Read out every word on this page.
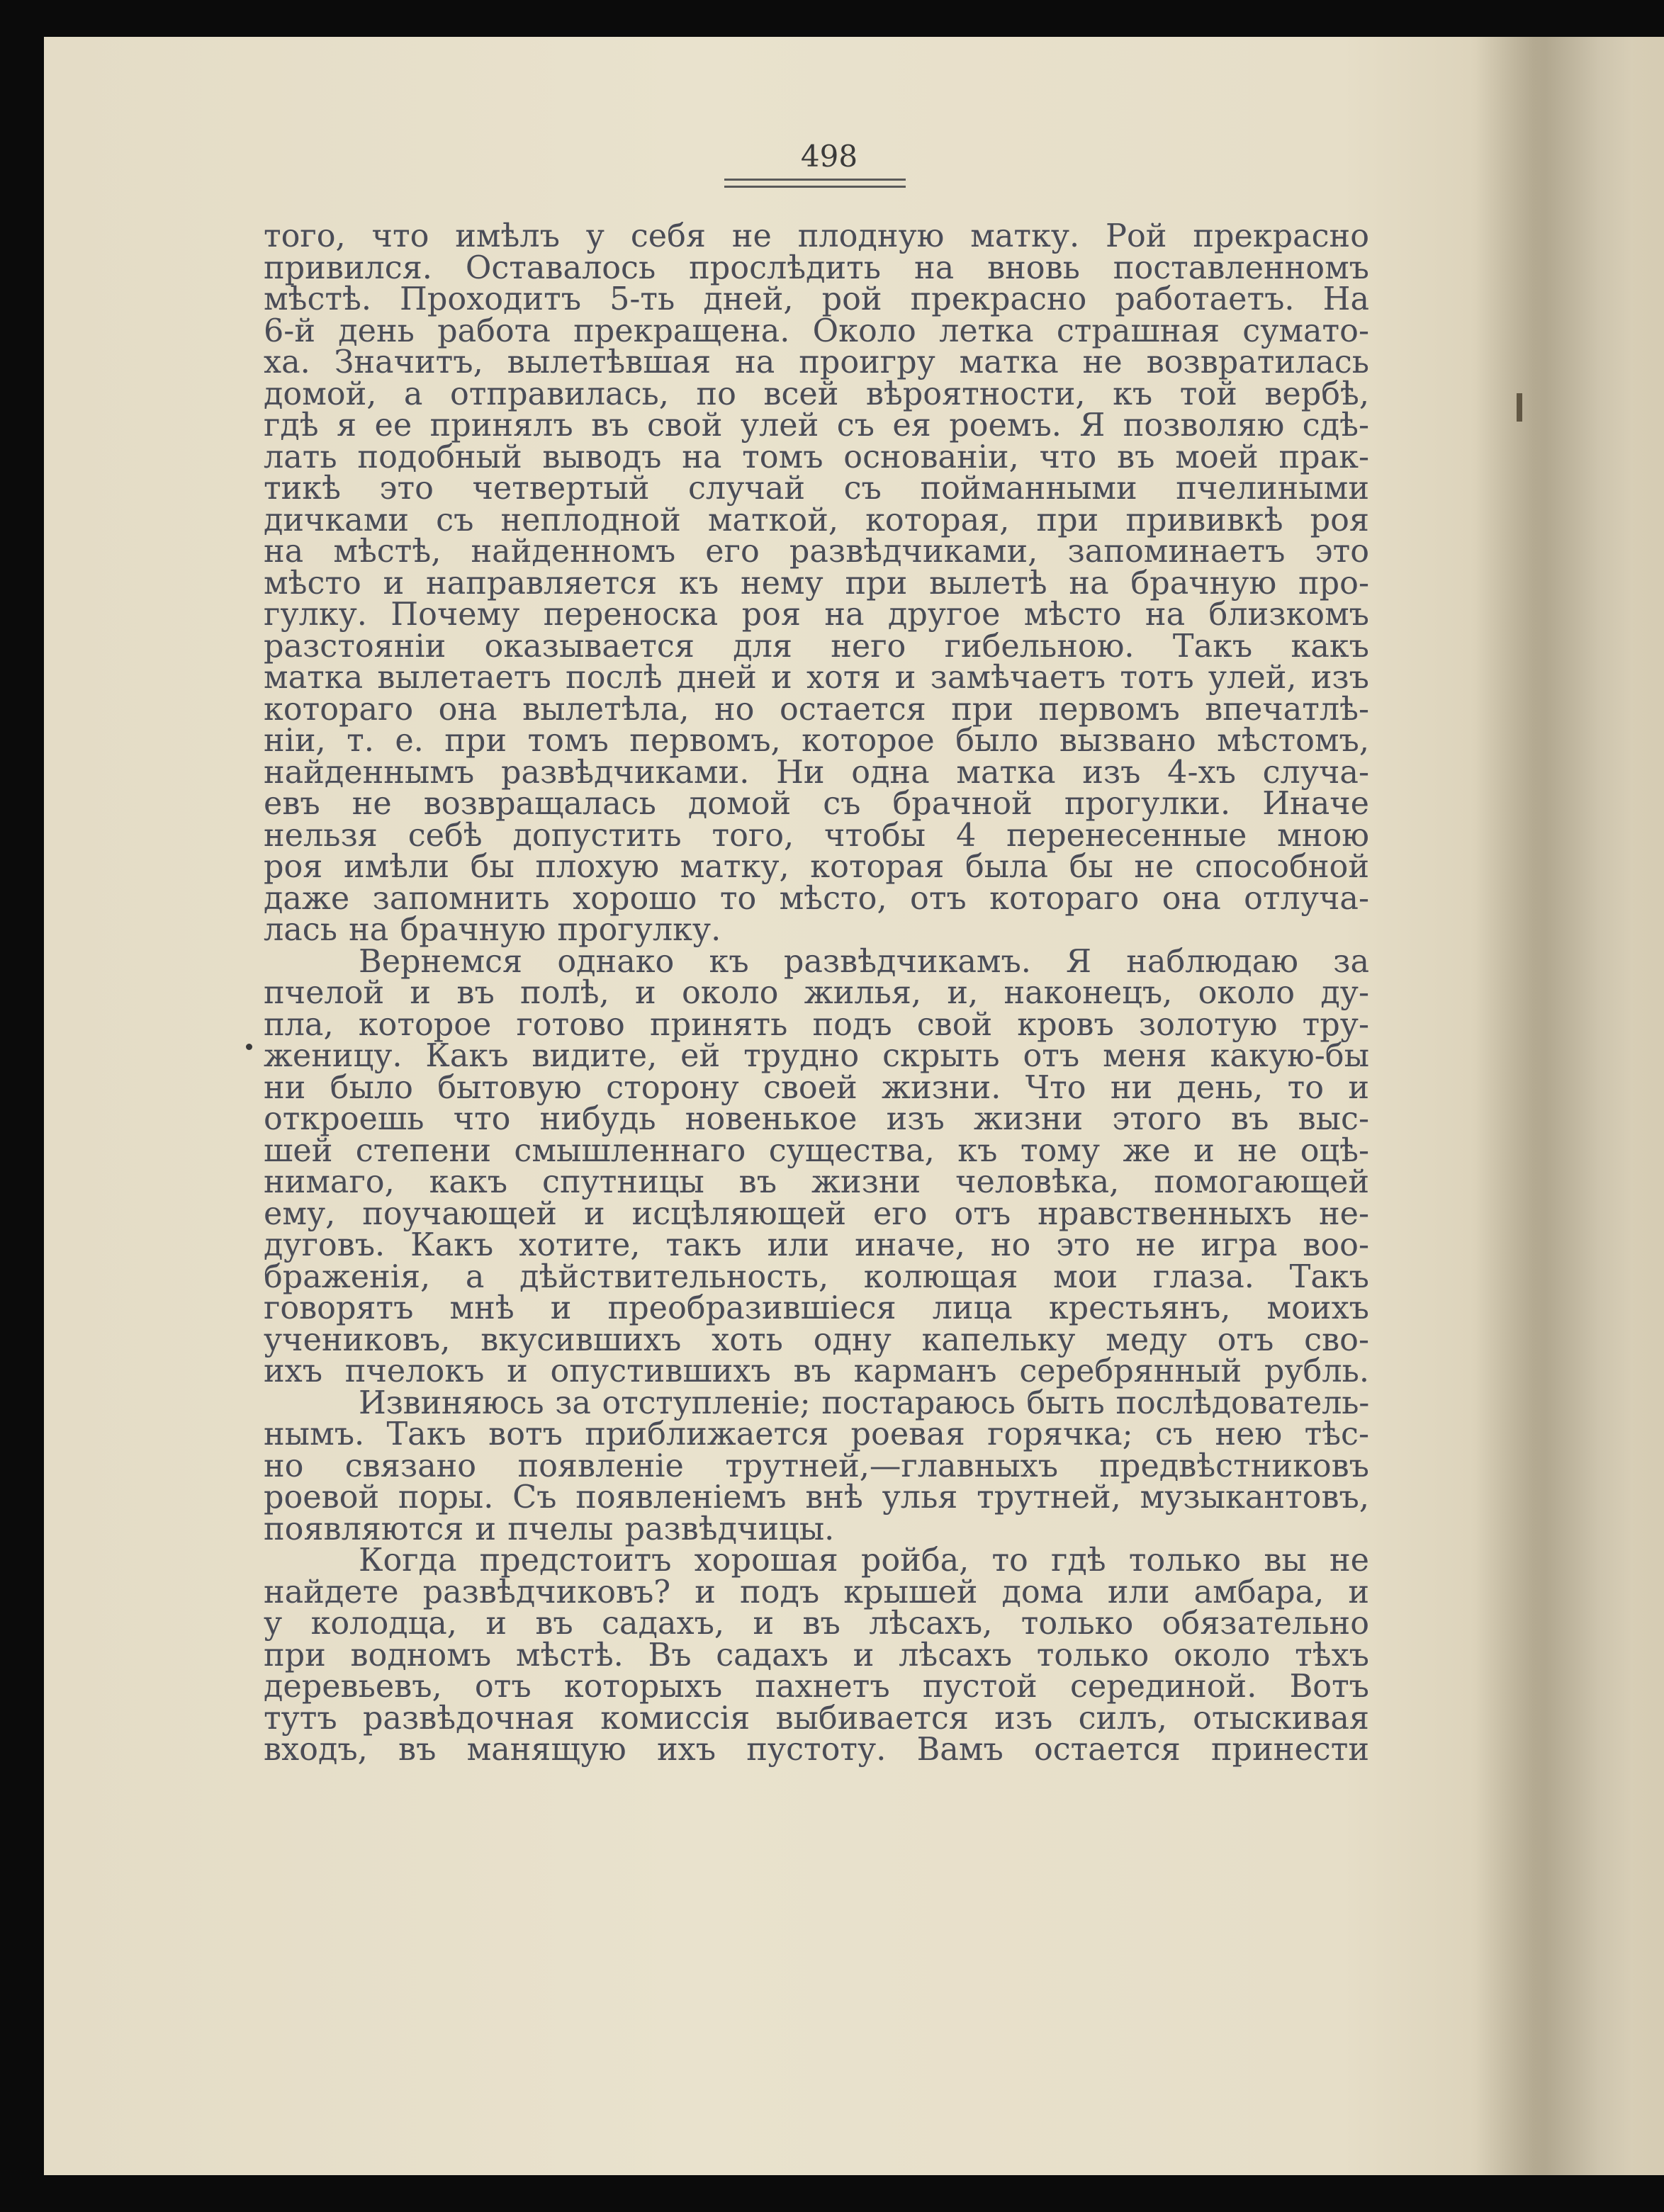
498
того, что имѣлъ у себя не плодную матку. Рой прекрасно
привился. Оставалось прослѣдить на вновь поставленномъ
мѣстѣ. Проходитъ 5-ть дней, рой прекрасно работаетъ. На
6-й день работа прекращена. Около летка страшная сумато-
ха. Значитъ, вылетѣвшая на проигру матка не возвратилась
домой, а отправилась, по всей вѣроятности, къ той вербѣ,
гдѣ я ее принялъ въ свой улей съ ея роемъ. Я позволяю сдѣ-
лать подобный выводъ на томъ основанiи, что въ моей прак-
тикѣ это четвертый случай съ пойманными пчелиными
дичками съ неплодной маткой, которая, при прививкѣ роя
на мѣстѣ, найденномъ его развѣдчиками, запоминаетъ это
мѣсто и направляется къ нему при вылетѣ на брачную про-
гулку. Почему переноска роя на другое мѣсто на близкомъ
разстоянiи оказывается для него гибельною. Такъ какъ
матка вылетаетъ послѣ дней и хотя и замѣчаетъ тотъ улей, изъ
котораго она вылетѣла, но остается при первомъ впечатлѣ-
нiи, т. е. при томъ первомъ, которое было вызвано мѣстомъ,
найденнымъ развѣдчиками. Ни одна матка изъ 4-хъ случа-
евъ не возвращалась домой съ брачной прогулки. Иначе
нельзя себѣ допустить того, чтобы 4 перенесенные мною
роя имѣли бы плохую матку, которая была бы не способной
даже запомнить хорошо то мѣсто, отъ котораго она отлуча-
лась на брачную прогулку.
Вернемся однако къ развѣдчикамъ. Я наблюдаю за
пчелой и въ полѣ, и около жилья, и, наконецъ, около ду-
пла, которое готово принять подъ свой кровъ золотую тру-
женицу. Какъ видите, ей трудно скрыть отъ меня какую-бы
ни было бытовую сторону своей жизни. Что ни день, то и
откроешь что нибудь новенькое изъ жизни этого въ выс-
шей степени смышленнаго существа, къ тому же и не оцѣ-
нимаго, какъ спутницы въ жизни человѣка, помогающей
ему, поучающей и исцѣляющей его отъ нравственныхъ не-
дуговъ. Какъ хотите, такъ или иначе, но это не игра воо-
браженiя, а дѣйствительность, колющая мои глаза. Такъ
говорятъ мнѣ и преобразившiеся лица крестьянъ, моихъ
учениковъ, вкусившихъ хоть одну капельку меду отъ сво-
ихъ пчелокъ и опустившихъ въ карманъ серебрянный рубль.
Извиняюсь за отступленiе; постараюсь быть послѣдователь-
нымъ. Такъ вотъ приближается роевая горячка; съ нею тѣс-
но связано появленiе трутней,—главныхъ предвѣстниковъ
роевой поры. Съ появленiемъ внѣ улья трутней, музыкантовъ,
появляются и пчелы развѣдчицы.
Когда предстоитъ хорошая ройба, то гдѣ только вы не
найдете развѣдчиковъ? и подъ крышей дома или амбара, и
у колодца, и въ садахъ, и въ лѣсахъ, только обязательно
при водномъ мѣстѣ. Въ садахъ и лѣсахъ только около тѣхъ
деревьевъ, отъ которыхъ пахнетъ пустой серединой. Вотъ
тутъ развѣдочная комиссiя выбивается изъ силъ, отыскивая
входъ, въ манящую ихъ пустоту. Вамъ остается принести
